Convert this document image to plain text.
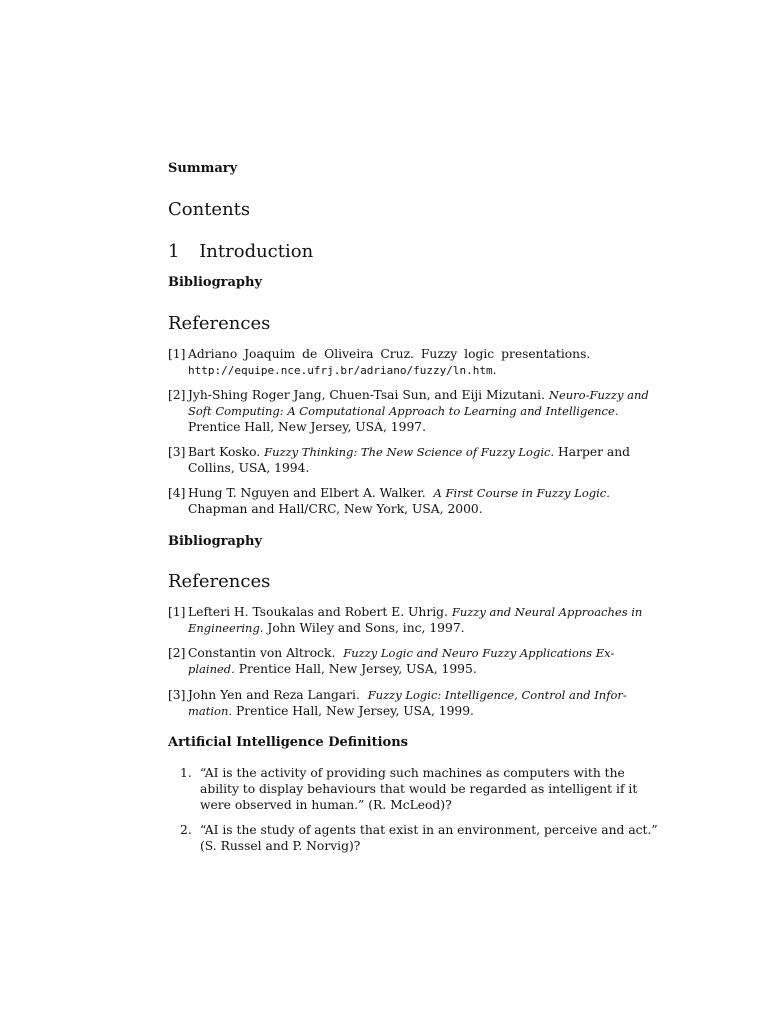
Summary
Contents
1 Introduction
Bibliography
References
[1] Adriano Joaquim de Oliveira Cruz. Fuzzy logic presentations.
http://equipe.nce.ufrj.br/adriano/fuzzy/ln.htm.
[2] Jyh-Shing Roger Jang, Chuen-Tsai Sun, and Eiji Mizutani. Neuro-Fuzzy and
Soft Computing: A Computational Approach to Learning and Intelligence.
Prentice Hall, New Jersey, USA, 1997.
[3] Bart Kosko. Fuzzy Thinking: The New Science of Fuzzy Logic. Harper and
Collins, USA, 1994.
[4] Hung T. Nguyen and Elbert A. Walker. A First Course in Fuzzy Logic.
Chapman and Hall/CRC, New York, USA, 2000.
Bibliography
References
[1] Lefteri H. Tsoukalas and Robert E. Uhrig. Fuzzy and Neural Approaches in
Engineering. John Wiley and Sons, inc, 1997.
[2] Constantin von Altrock. Fuzzy Logic and Neuro Fuzzy Applications Ex-
plained. Prentice Hall, New Jersey, USA, 1995.
[3] John Yen and Reza Langari. Fuzzy Logic: Intelligence, Control and Infor-
mation. Prentice Hall, New Jersey, USA, 1999.
Artificial Intelligence Definitions
1. “AI is the activity of providing such machines as computers with the
ability to display behaviours that would be regarded as intelligent if it
were observed in human.” (R. McLeod)?
2. “AI is the study of agents that exist in an environment, perceive and act.”
(S. Russel and P. Norvig)?
